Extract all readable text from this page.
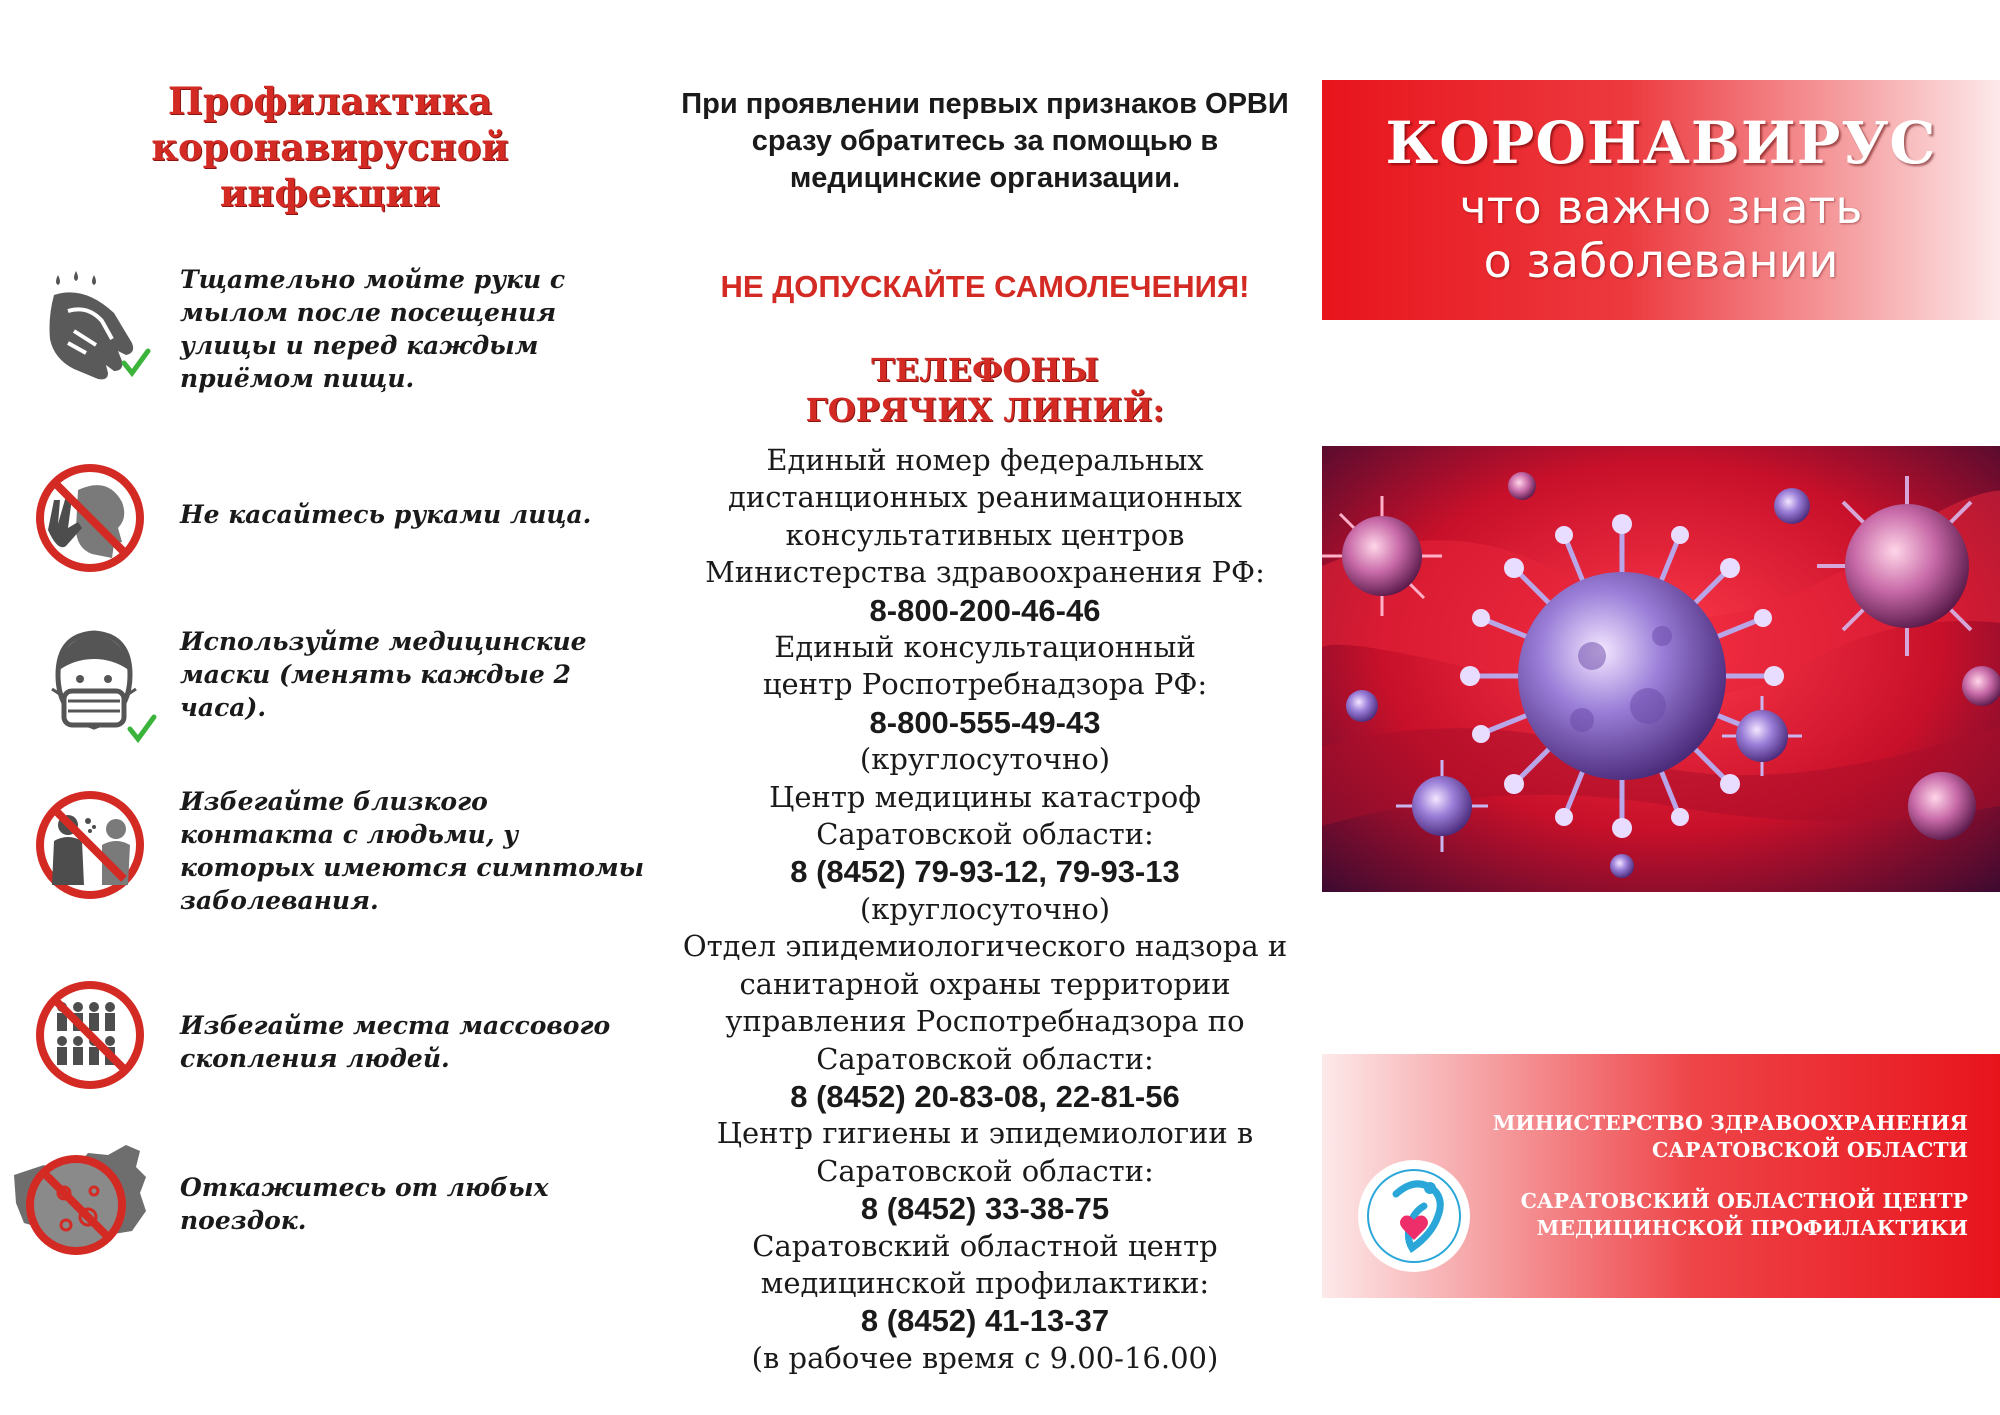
Профилактика
коронавирусной
инфекции
Тщательно мойте руки с мылом после посещения улицы и перед каждым приёмом пищи.
Не касайтесь руками лица.
Используйте медицинские маски (менять каждые 2 часа).
Избегайте близкого контакта с людьми, у которых имеются симптомы заболевания.
Избегайте места массового скопления людей.
Откажитесь от любых поездок.
При проявлении первых признаков ОРВИ сразу обратитесь за помощью в медицинские организации.
НЕ ДОПУСКАЙТЕ САМОЛЕЧЕНИЯ!
ТЕЛЕФОНЫ
ГОРЯЧИХ ЛИНИЙ:
Единый номер федеральных
дистанционных реанимационных
консультативных центров
Министерства здравоохранения РФ:
8-800-200-46-46
Единый консультационный
центр Роспотребнадзора РФ:
8-800-555-49-43
(круглосуточно)
Центр медицины катастроф
Саратовской области:
8 (8452) 79-93-12, 79-93-13
(круглосуточно)
Отдел эпидемиологического надзора и
санитарной охраны территории
управления Роспотребнадзора по
Саратовской области:
8 (8452) 20-83-08, 22-81-56
Центр гигиены и эпидемиологии в
Саратовской области:
8 (8452) 33-38-75
Саратовский областной центр
медицинской профилактики:
8 (8452) 41-13-37
(в рабочее время с 9.00-16.00)
КОРОНАВИРУС
что важно знать
о заболевании
МИНИСТЕРСТВО ЗДРАВООХРАНЕНИЯ
САРАТОВСКОЙ ОБЛАСТИ
САРАТОВСКИЙ ОБЛАСТНОЙ ЦЕНТР
МЕДИЦИНСКОЙ ПРОФИЛАКТИКИ
